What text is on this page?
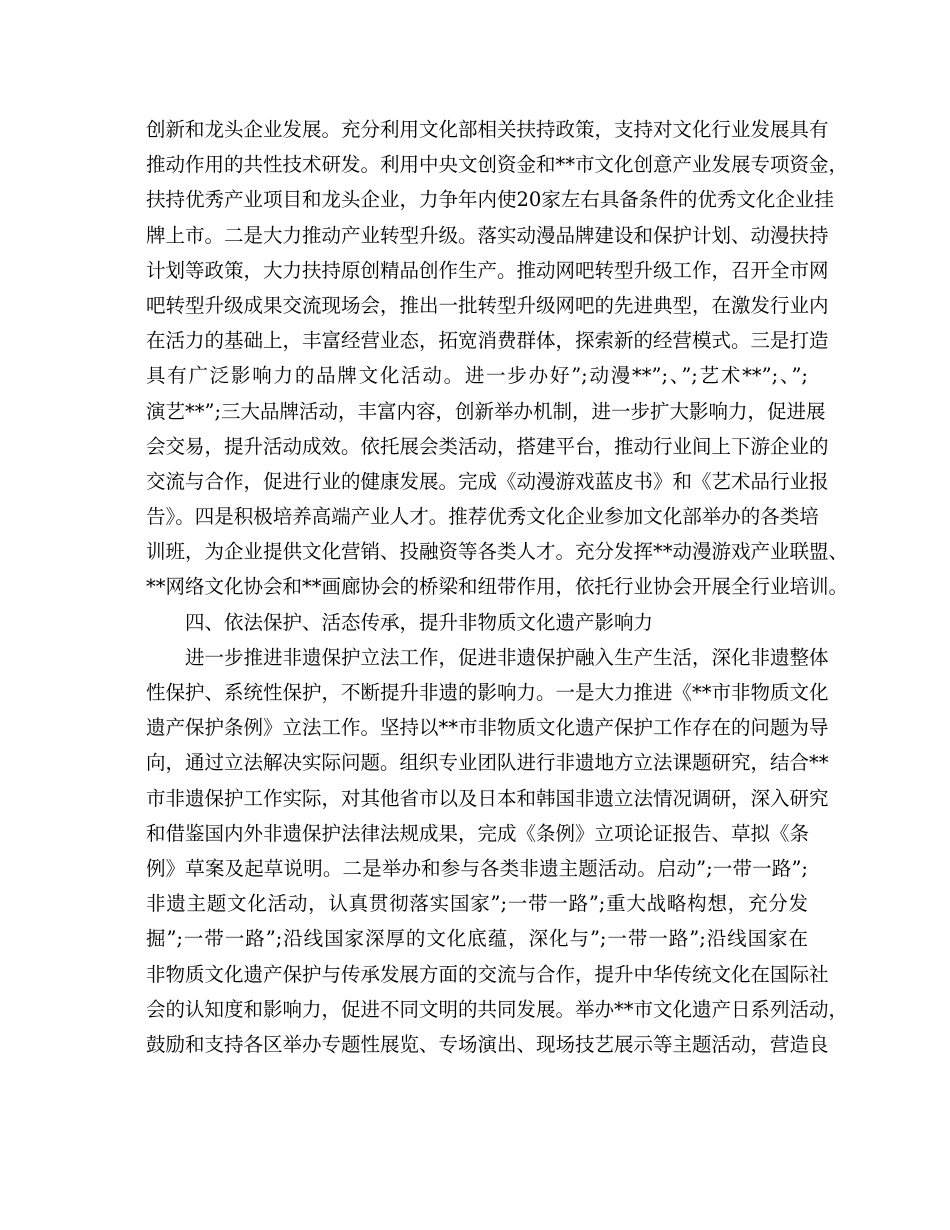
创新和龙头企业发展。充分利用文化部相关扶持政策，支持对文化行业发展具有
推动作用的共性技术研发。利用中央文创资金和**市文化创意产业发展专项资金，
扶持优秀产业项目和龙头企业，力争年内使20家左右具备条件的优秀文化企业挂
牌上市。二是大力推动产业转型升级。落实动漫品牌建设和保护计划、动漫扶持
计划等政策，大力扶持原创精品创作生产。推动网吧转型升级工作，召开全市网
吧转型升级成果交流现场会，推出一批转型升级网吧的先进典型，在激发行业内
在活力的基础上，丰富经营业态，拓宽消费群体，探索新的经营模式。三是打造
具有广泛影响力的品牌文化活动。进一步办好”;动漫**”;、”;艺术**”;、”;
演艺**”;三大品牌活动，丰富内容，创新举办机制，进一步扩大影响力，促进展
会交易，提升活动成效。依托展会类活动，搭建平台，推动行业间上下游企业的
交流与合作，促进行业的健康发展。完成《动漫游戏蓝皮书》和《艺术品行业报
告》。四是积极培养高端产业人才。推荐优秀文化企业参加文化部举办的各类培
训班，为企业提供文化营销、投融资等各类人才。充分发挥**动漫游戏产业联盟、
**网络文化协会和**画廊协会的桥梁和纽带作用，依托行业协会开展全行业培训。
四、依法保护、活态传承，提升非物质文化遗产影响力
进一步推进非遗保护立法工作，促进非遗保护融入生产生活，深化非遗整体
性保护、系统性保护，不断提升非遗的影响力。一是大力推进《**市非物质文化
遗产保护条例》立法工作。坚持以**市非物质文化遗产保护工作存在的问题为导
向，通过立法解决实际问题。组织专业团队进行非遗地方立法课题研究，结合**
市非遗保护工作实际，对其他省市以及日本和韩国非遗立法情况调研，深入研究
和借鉴国内外非遗保护法律法规成果，完成《条例》立项论证报告、草拟《条
例》草案及起草说明。二是举办和参与各类非遗主题活动。启动”;一带一路”;
非遗主题文化活动，认真贯彻落实国家”;一带一路”;重大战略构想，充分发
掘”;一带一路”;沿线国家深厚的文化底蕴，深化与”;一带一路”;沿线国家在
非物质文化遗产保护与传承发展方面的交流与合作，提升中华传统文化在国际社
会的认知度和影响力，促进不同文明的共同发展。举办**市文化遗产日系列活动，
鼓励和支持各区举办专题性展览、专场演出、现场技艺展示等主题活动，营造良
